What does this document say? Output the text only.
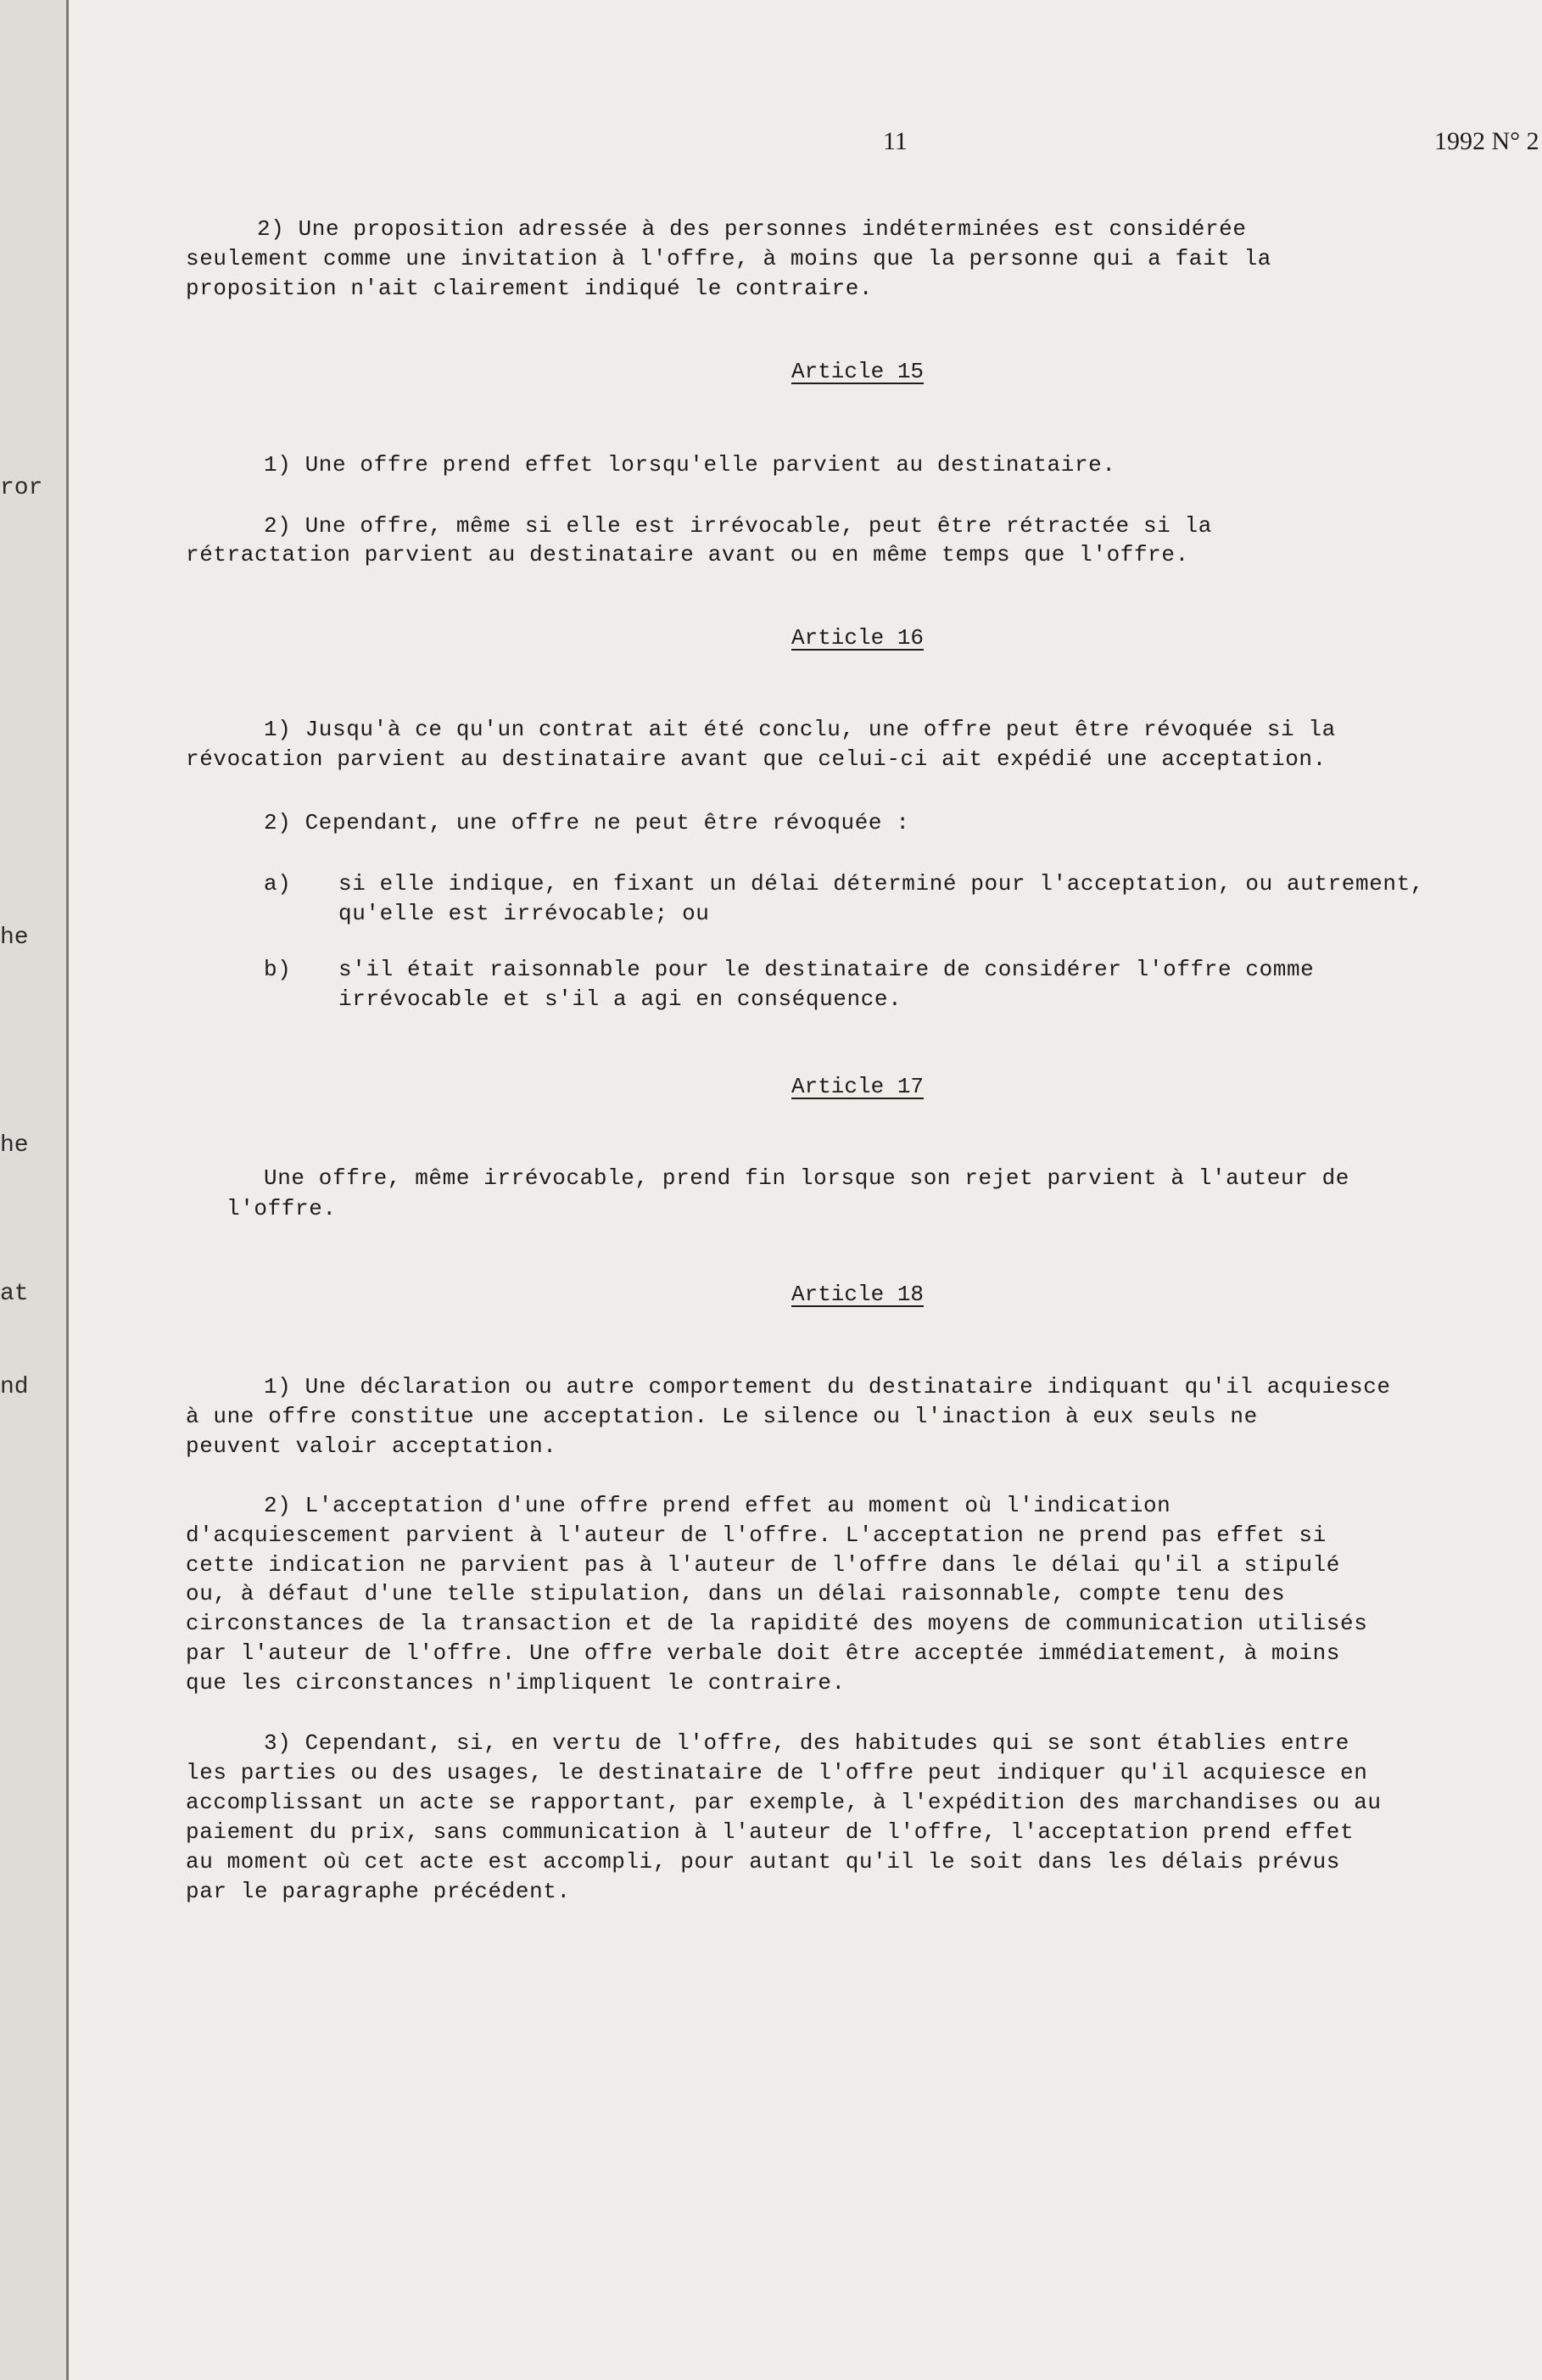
ror
he
he
at
nd
11	1992 N° 2
2) Une proposition adressée à des personnes indéterminées est considérée
seulement comme une invitation à l'offre, à moins que la personne qui a fait la
proposition n'ait clairement indiqué le contraire.
Article 15
1) Une offre prend effet lorsqu'elle parvient au destinataire.
2) Une offre, même si elle est irrévocable, peut être rétractée si la
rétractation parvient au destinataire avant ou en même temps que l'offre.
Article 16
1) Jusqu'à ce qu'un contrat ait été conclu, une offre peut être révoquée si la
révocation parvient au destinataire avant que celui-ci ait expédié une acceptation.
2) Cependant, une offre ne peut être révoquée :
a) si elle indique, en fixant un délai déterminé pour l'acceptation, ou autrement,
qu'elle est irrévocable; ou
b) s'il était raisonnable pour le destinataire de considérer l'offre comme
irrévocable et s'il a agi en conséquence.
Article 17
Une offre, même irrévocable, prend fin lorsque son rejet parvient à l'auteur de
l'offre.
Article 18
1) Une déclaration ou autre comportement du destinataire indiquant qu'il acquiesce
à une offre constitue une acceptation. Le silence ou l'inaction à eux seuls ne
peuvent valoir acceptation.
2) L'acceptation d'une offre prend effet au moment où l'indication
d'acquiescement parvient à l'auteur de l'offre. L'acceptation ne prend pas effet si
cette indication ne parvient pas à l'auteur de l'offre dans le délai qu'il a stipulé
ou, à défaut d'une telle stipulation, dans un délai raisonnable, compte tenu des
circonstances de la transaction et de la rapidité des moyens de communication utilisés
par l'auteur de l'offre. Une offre verbale doit être acceptée immédiatement, à moins
que les circonstances n'impliquent le contraire.
3) Cependant, si, en vertu de l'offre, des habitudes qui se sont établies entre
les parties ou des usages, le destinataire de l'offre peut indiquer qu'il acquiesce en
accomplissant un acte se rapportant, par exemple, à l'expédition des marchandises ou au
paiement du prix, sans communication à l'auteur de l'offre, l'acceptation prend effet
au moment où cet acte est accompli, pour autant qu'il le soit dans les délais prévus
par le paragraphe précédent.
